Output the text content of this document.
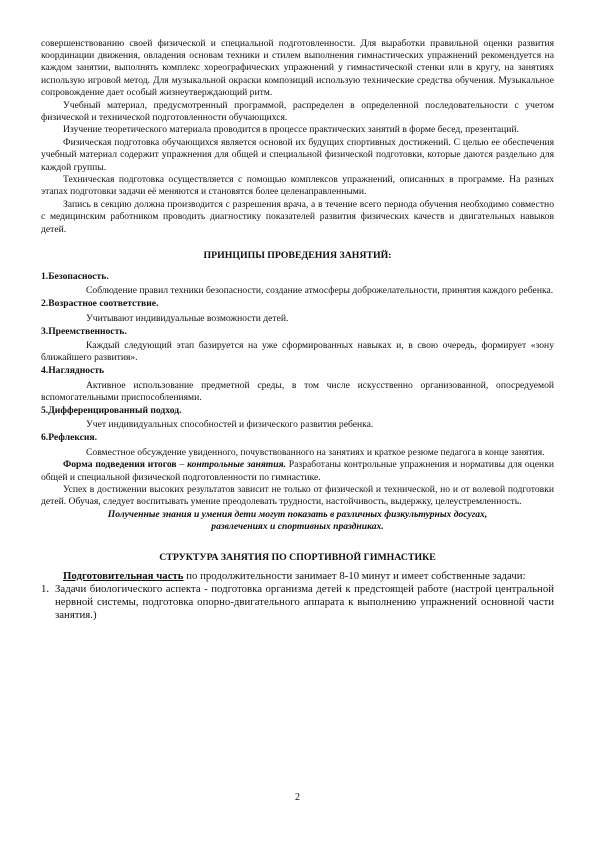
совершенствованию своей физической и специальной подготовленности. Для выработки правильной оценки развития координации движения, овладения основам техники и стилем выполнения гимнастических упражнений рекомендуется на каждом занятии, выполнять комплекс хореографических упражнений у гимнастической стенки или в кругу, на занятиях использую игровой метод. Для музыкальной окраски композиций использую технические средства обучения. Музыкальное сопровождение дает особый жизнеутверждающий ритм.

Учебный материал, предусмотренный программой, распределен в определенной последовательности с учетом физической и технической подготовленности обучающихся.

Изучение теоретического материала проводится в процессе практических занятий в форме бесед, презентаций.

Физическая подготовка обучающихся является основой их будущих спортивных достижений. С целью ее обеспечения учебный материал содержит упражнения для общей и специальной физической подготовки, которые даются раздельно для каждой группы.

Техническая подготовка осуществляется с помощью комплексов упражнений, описанных в программе. На разных этапах подготовки задачи её меняются и становятся более целенаправленными.

Запись в секцию должна производится с разрешения врача, а в течение всего периода обучения необходимо совместно с медицинским работником проводить диагностику показателей развития физических качеств и двигательных навыков детей.

ПРИНЦИПЫ ПРОВЕДЕНИЯ ЗАНЯТИЙ:
1.Безопасность.

Соблюдение правил техники безопасности, создание атмосферы доброжелательности, принятия каждого ребенка.

2.Возрастное соответствие.

Учитывают индивидуальные возможности детей.

3.Преемственность.

Каждый следующий этап базируется на уже сформированных навыках и, в свою очередь, формирует «зону ближайшего развития».

4.Наглядность

Активное использование предметной среды, в том числе искусственно организованной, опосредуемой вспомогательными приспособлениями.

5.Дифференцированный подход.

Учет индивидуальных способностей и физического развития ребенка.

6.Рефлексия.

Совместное обсуждение увиденного, почувствованного на занятиях и краткое резюме педагога в конце занятия.

Форма подведения итогов – контрольные занятия. Разработаны контрольные упражнения и нормативы для оценки общей и специальной физической подготовленности по гимнастике.

Успех в достижении высоких результатов зависит не только от физической и технической, но и от волевой подготовки детей. Обучая, следует воспитывать умение преодолевать трудности, настойчивость, выдержку, целеустремленность.

Полученные знания и умения дети могут показать в различных физкультурных досугах,
развлечениях и спортивных праздниках.
СТРУКТУРА ЗАНЯТИЯ ПО СПОРТИВНОЙ ГИМНАСТИКЕ

Подготовительная часть по продолжительности занимает 8-10 минут и имеет собственные задачи:

1. Задачи биологического аспекта - подготовка организма детей к предстоящей работе (настрой центральной нервной системы, подготовка опорно-двигательного аппарата к выполнению упражнений основной части занятия.)
2
